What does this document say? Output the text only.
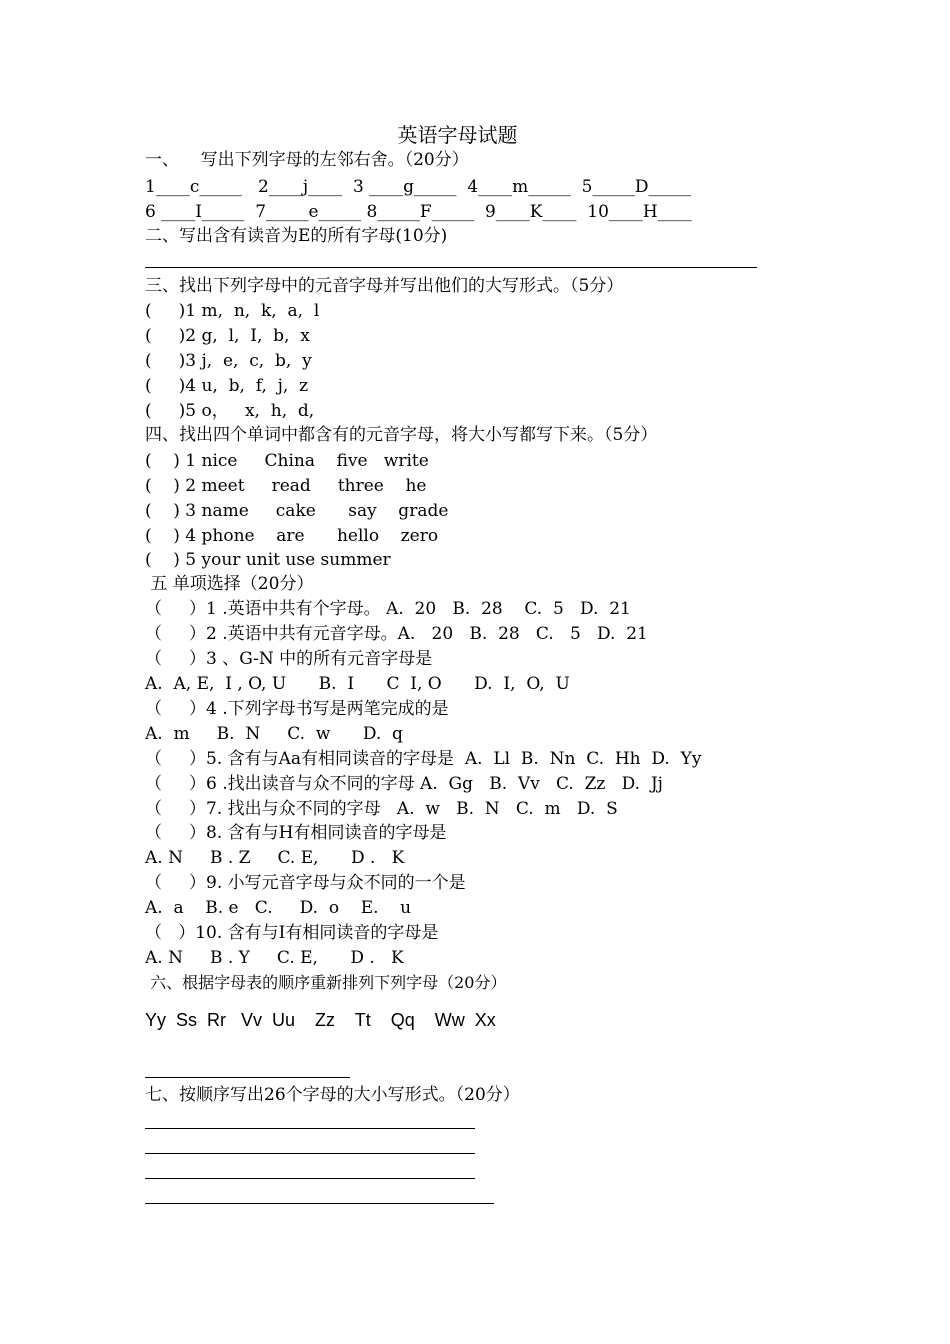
英语字母试题
一、    写出下列字母的左邻右舍。（20分）
1____c_____   2____j____  3 ____g_____  4____m_____  5_____D_____
6 ____I_____  7_____e_____ 8_____F_____  9____K____  10____H____
二、写出含有读音为E的所有字母(10分)
三、找出下列字母中的元音字母并写出他们的大写形式。（5分）
(     )1 m,  n,  k,  a,  l
(     )2 g,  l,  I,  b,  x
(     )3 j,  e,  c,  b,  y
(     )4 u,  b,  f,  j,  z
(     )5 o，   x,  h,  d,
四、找出四个单词中都含有的元音字母，将大小写都写下来。（5分）
(    ) 1 nice     China    five   write
(    ) 2 meet     read     three    he
(    ) 3 name     cake      say    grade
(    ) 4 phone    are      hello    zero
(    ) 5 your unit use summer
五 单项选择（20分）
（     ）1 .英语中共有个字母。 A.  20   B.  28    C.  5   D.  21
（     ）2 .英语中共有元音字母。A.   20   B.  28   C.   5   D.  21
（     ）3 、G-N 中的所有元音字母是
A.  A, E,  I , O, U      B.  I      C  I, O      D.  I,  O,  U
（     ）4 .下列字母书写是两笔完成的是
A.  m     B.  N     C.  w      D.  q
（     ）5. 含有与Aa有相同读音的字母是  A.  Ll  B.  Nn  C.  Hh  D.  Yy
（     ）6 .找出读音与众不同的字母 A.  Gg   B.  Vv   C.  Zz   D.  Jj
（     ）7. 找出与众不同的字母   A.  w   B.  N   C.  m   D.  S
（     ）8. 含有与H有相同读音的字母是
A. N     B . Z     C. E,      D .   K
（     ）9. 小写元音字母与众不同的一个是
A.  a    B. e   C.     D.  o    E.    u
（   ）10. 含有与I有相同读音的字母是
A. N     B . Y     C. E,      D .   K
六、根据字母表的顺序重新排列下列字母（20分）
Yy  Ss  Rr   Vv  Uu    Zz    Tt    Qq    Ww  Xx
七、按顺序写出26个字母的大小写形式。（20分）
